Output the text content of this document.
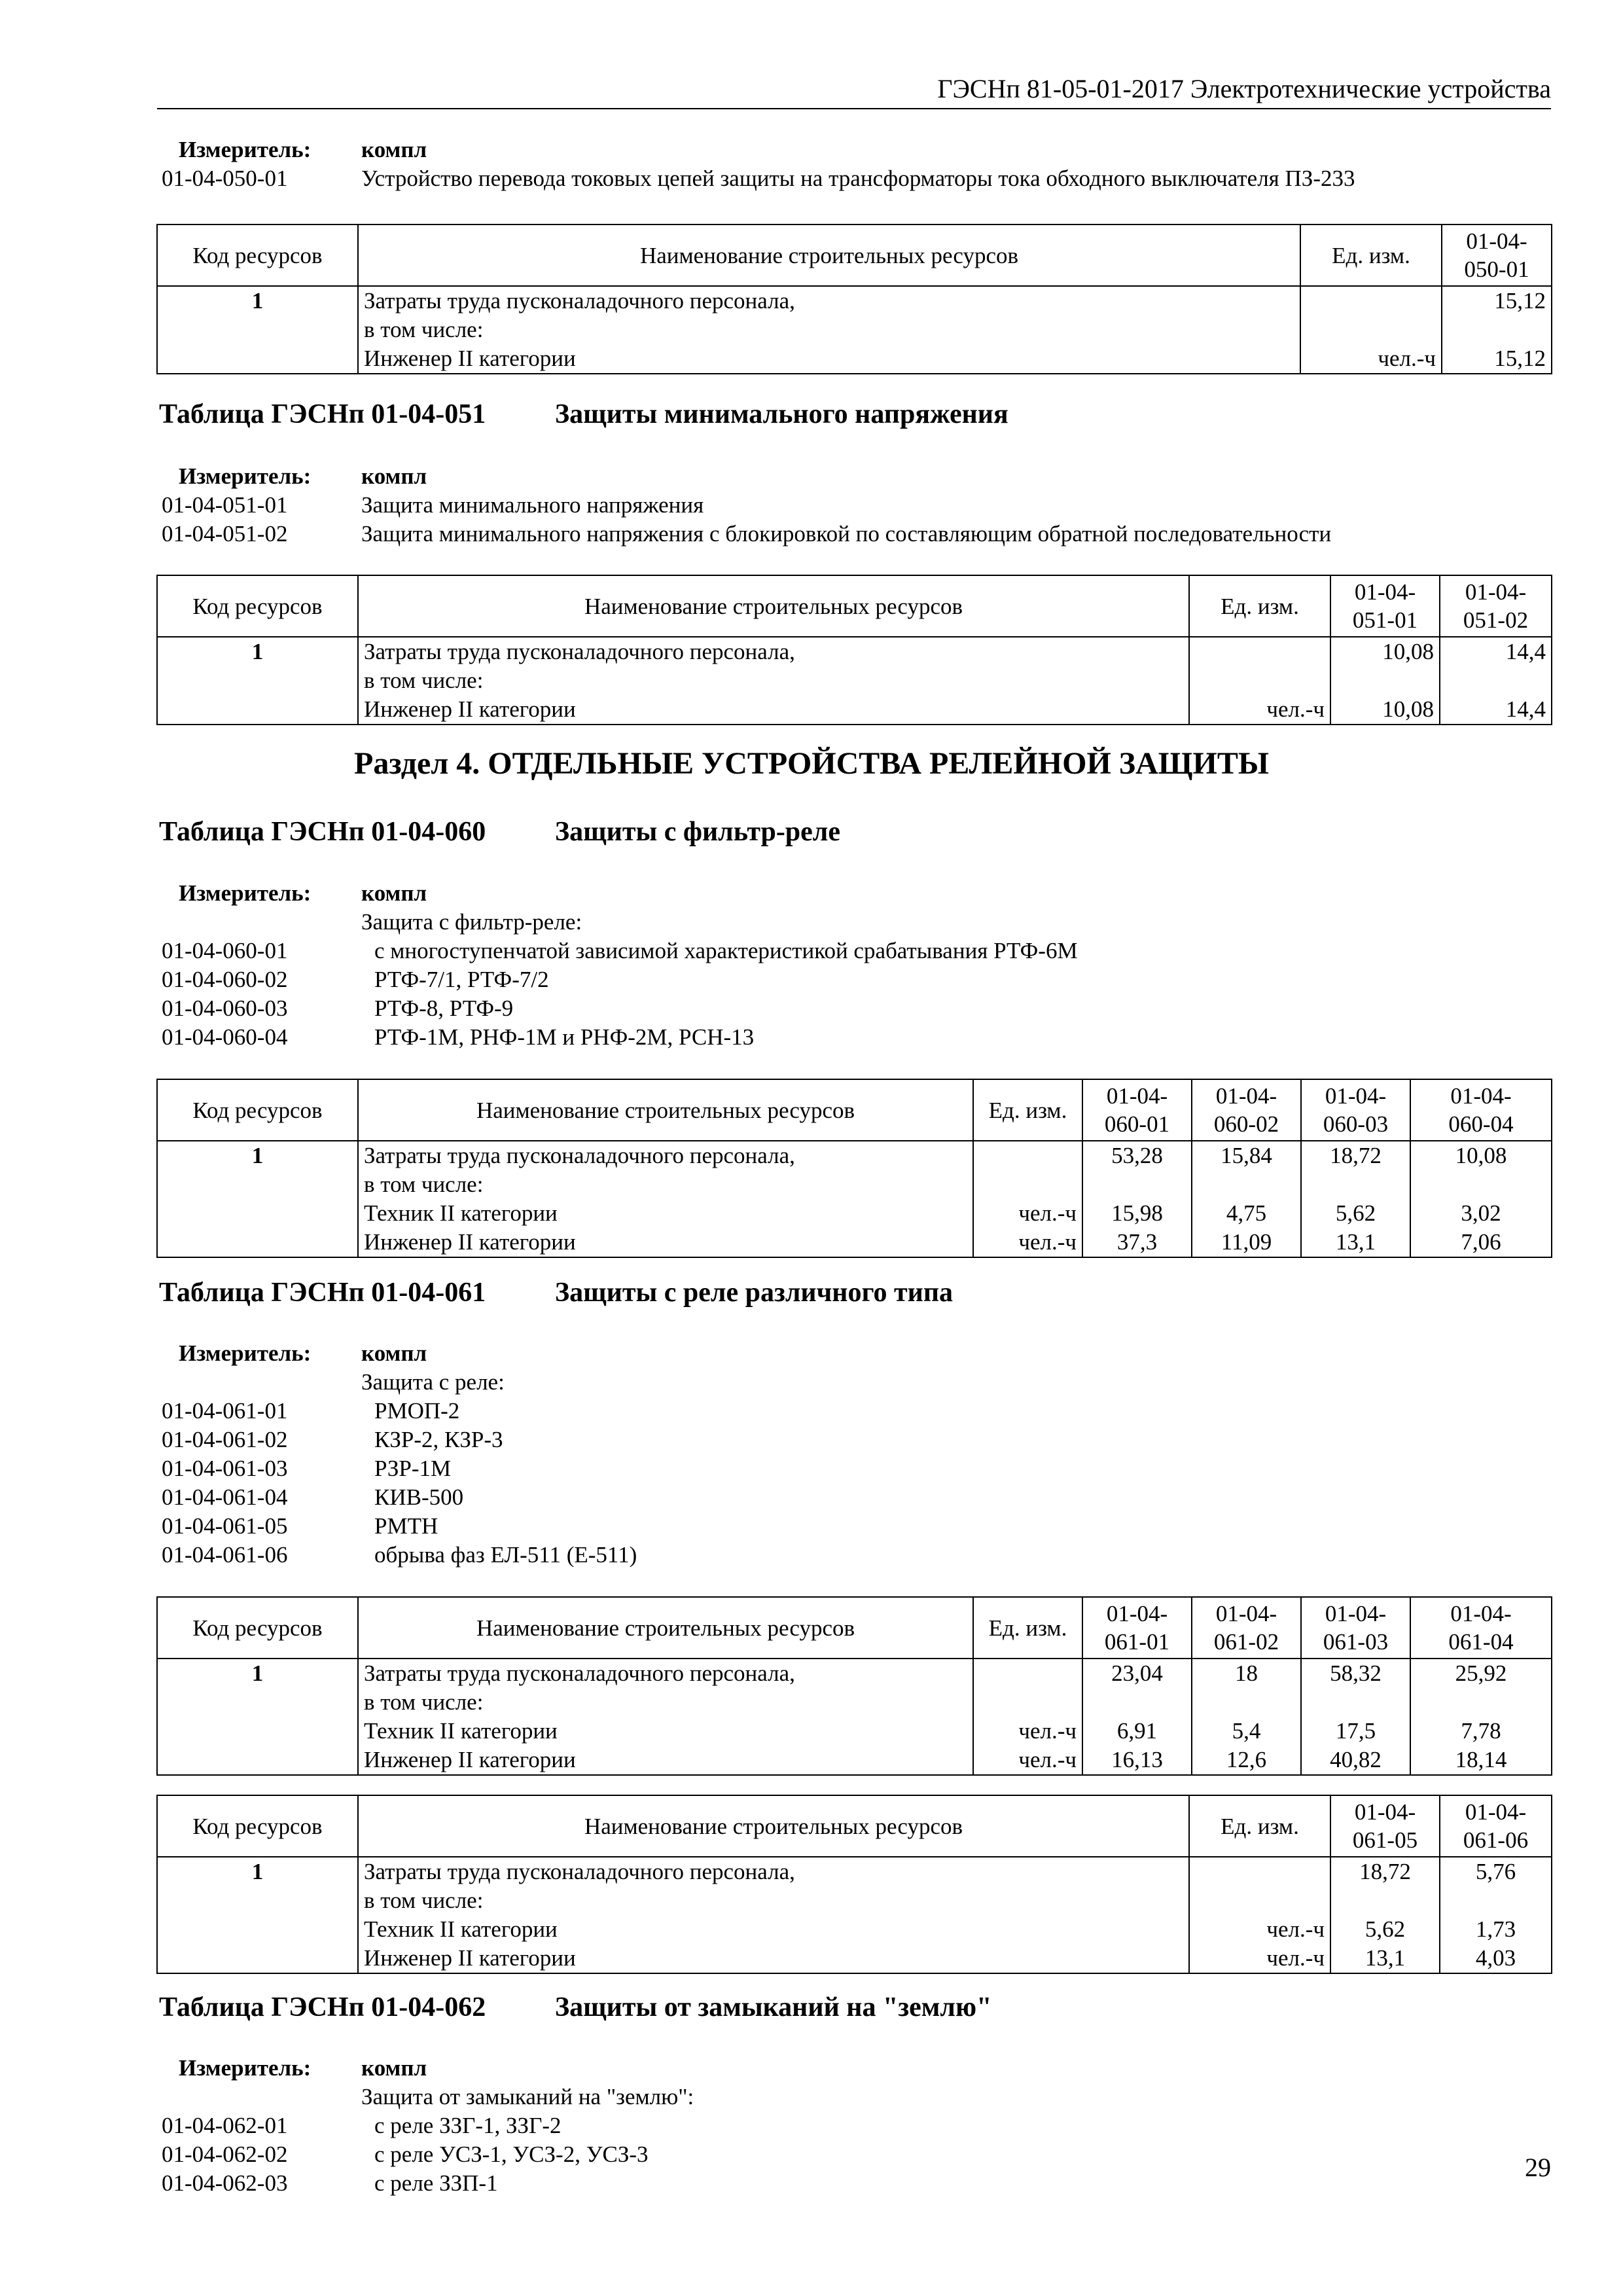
ГЭСНп 81-05-01-2017 Электротехнические устройства
Измеритель:	компл
01-04-050-01	Устройство перевода токовых цепей защиты на трансформаторы тока обходного выключателя ПЗ-233
Код ресурсов	Наименование строительных ресурсов	Ед. изм.	01-04-
050-01
1	Затраты труда пусконаладочного персонала,		15,12
	в том числе:		
	Инженер II категории	чел.-ч	15,12
Таблица ГЭСНп 01-04-051	Защиты минимального напряжения
Измеритель:	компл
01-04-051-01	Защита минимального напряжения
01-04-051-02	Защита минимального напряжения с блокировкой по составляющим обратной последовательности
Код ресурсов	Наименование строительных ресурсов	Ед. изм.	01-04-
051-01	01-04-
051-02
1	Затраты труда пусконаладочного персонала,		10,08	14,4
	в том числе:			
	Инженер II категории	чел.-ч	10,08	14,4
Раздел 4. ОТДЕЛЬНЫЕ УСТРОЙСТВА РЕЛЕЙНОЙ ЗАЩИТЫ
Таблица ГЭСНп 01-04-060	Защиты с фильтр-реле
Измеритель:	компл
Защита с фильтр-реле:
01-04-060-01	с многоступенчатой зависимой характеристикой срабатывания РТФ-6М
01-04-060-02	РТФ-7/1, РТФ-7/2
01-04-060-03	РТФ-8, РТФ-9
01-04-060-04	РТФ-1М, РНФ-1М и РНФ-2М, РСН-13
Код ресурсов	Наименование строительных ресурсов	Ед. изм.	01-04-
060-01	01-04-
060-02	01-04-
060-03	01-04-
060-04
1	Затраты труда пусконаладочного персонала,		53,28	15,84	18,72	10,08
	в том числе:					
	Техник II категории	чел.-ч	15,98	4,75	5,62	3,02
	Инженер II категории	чел.-ч	37,3	11,09	13,1	7,06
Таблица ГЭСНп 01-04-061	Защиты с реле различного типа
Измеритель:	компл
Защита с реле:
01-04-061-01	РМОП-2
01-04-061-02	КЗР-2, КЗР-3
01-04-061-03	РЗР-1М
01-04-061-04	КИВ-500
01-04-061-05	РМТН
01-04-061-06	обрыва фаз ЕЛ-511 (Е-511)
Код ресурсов	Наименование строительных ресурсов	Ед. изм.	01-04-
061-01	01-04-
061-02	01-04-
061-03	01-04-
061-04
1	Затраты труда пусконаладочного персонала,		23,04	18	58,32	25,92
	в том числе:					
	Техник II категории	чел.-ч	6,91	5,4	17,5	7,78
	Инженер II категории	чел.-ч	16,13	12,6	40,82	18,14
Код ресурсов	Наименование строительных ресурсов	Ед. изм.	01-04-
061-05	01-04-
061-06
1	Затраты труда пусконаладочного персонала,		18,72	5,76
	в том числе:			
	Техник II категории	чел.-ч	5,62	1,73
	Инженер II категории	чел.-ч	13,1	4,03
Таблица ГЭСНп 01-04-062	Защиты от замыканий на "землю"
Измеритель:	компл
Защита от замыканий на "землю":
01-04-062-01	с реле ЗЗГ-1, ЗЗГ-2
01-04-062-02	с реле УСЗ-1, УСЗ-2, УСЗ-3
01-04-062-03	с реле ЗЗП-1
29
